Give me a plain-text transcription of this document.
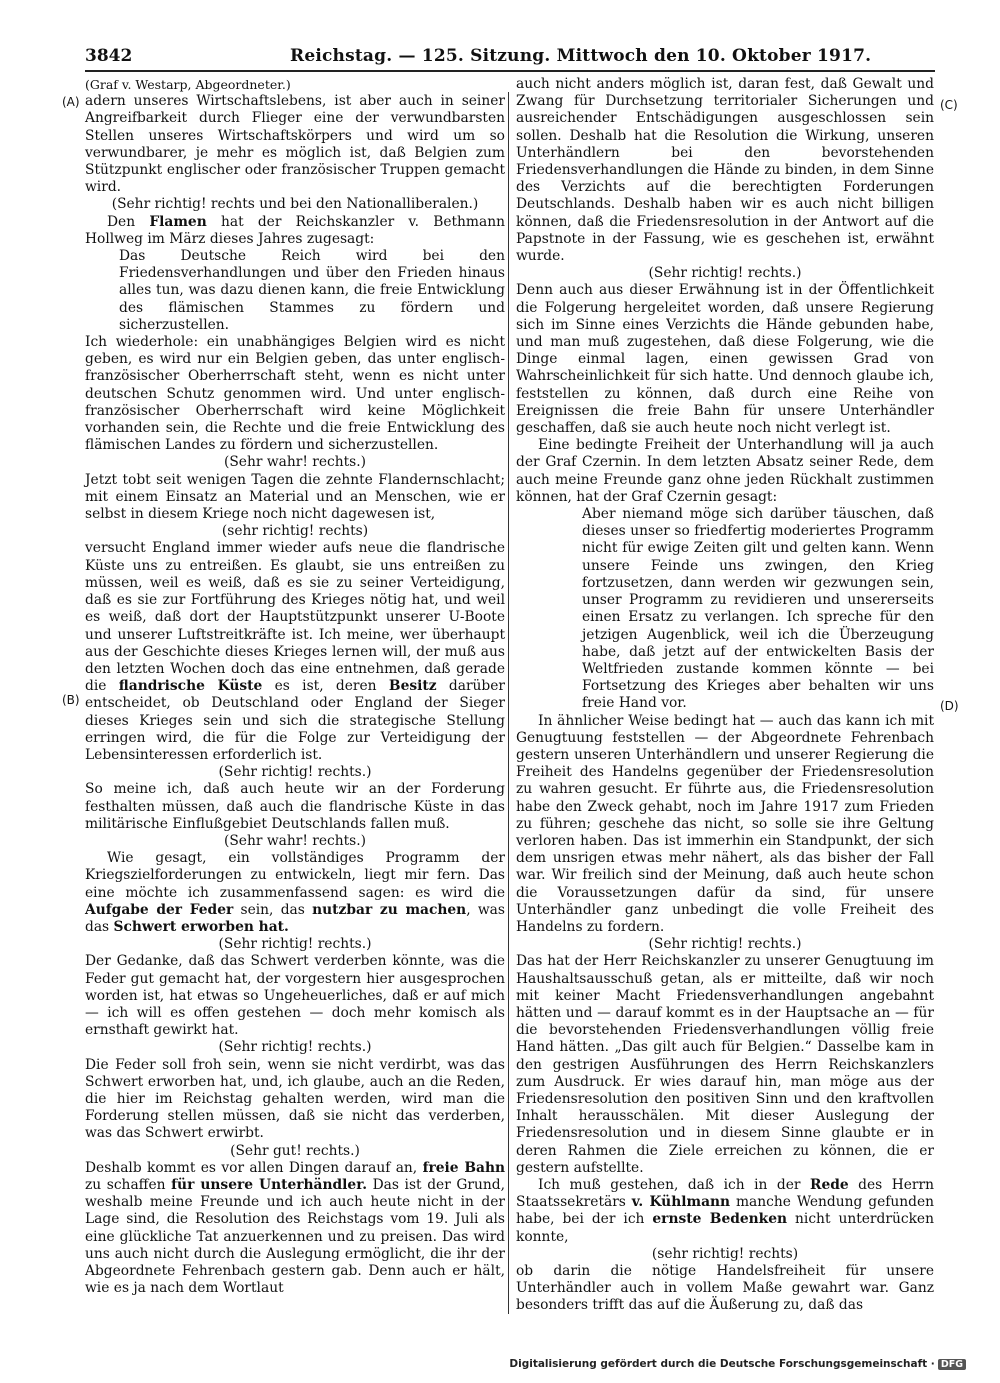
3842	Reichstag. — 125. Sitzung. Mittwoch den 10. Oktober 1917.
(A)
(B)
(C)
(D)

(Graf v. Westarp, Abgeordneter.)

adern unseres Wirtschaftslebens, ist aber auch in seiner Angreifbarkeit durch Flieger eine der verwundbarsten Stellen unseres Wirtschaftskörpers und wird um so verwundbarer, je mehr es möglich ist, daß Belgien zum Stützpunkt englischer oder französischer Truppen gemacht wird.

(Sehr richtig! rechts und bei den Nationalliberalen.)

Den Flamen hat der Reichskanzler v. Bethmann Hollweg im März dieses Jahres zugesagt:

Das Deutsche Reich wird bei den Friedensverhandlungen und über den Frieden hinaus alles tun, was dazu dienen kann, die freie Entwicklung des flämischen Stammes zu fördern und sicherzustellen.

Ich wiederhole: ein unabhängiges Belgien wird es nicht geben, es wird nur ein Belgien geben, das unter englisch-französischer Oberherrschaft steht, wenn es nicht unter deutschen Schutz genommen wird. Und unter englisch-französischer Oberherrschaft wird keine Möglichkeit vorhanden sein, die Rechte und die freie Entwicklung des flämischen Landes zu fördern und sicherzustellen.

(Sehr wahr! rechts.)

Jetzt tobt seit wenigen Tagen die zehnte Flandernschlacht; mit einem Einsatz an Material und an Menschen, wie er selbst in diesem Kriege noch nicht dagewesen ist,

(sehr richtig! rechts)

versucht England immer wieder aufs neue die flandrische Küste uns zu entreißen. Es glaubt, sie uns entreißen zu müssen, weil es weiß, daß es sie zu seiner Verteidigung, daß es sie zur Fortführung des Krieges nötig hat, und weil es weiß, daß dort der Hauptstützpunkt unserer U-Boote und unserer Luftstreitkräfte ist. Ich meine, wer überhaupt aus der Geschichte dieses Krieges lernen will, der muß aus den letzten Wochen doch das eine entnehmen, daß gerade die flandrische Küste es ist, deren Besitz darüber entscheidet, ob Deutschland oder England der Sieger dieses Krieges sein und sich die strategische Stellung erringen wird, die für die Folge zur Verteidigung der Lebensinteressen erforderlich ist.

(Sehr richtig! rechts.)

So meine ich, daß auch heute wir an der Forderung festhalten müssen, daß auch die flandrische Küste in das militärische Einflußgebiet Deutschlands fallen muß.

(Sehr wahr! rechts.)

Wie gesagt, ein vollständiges Programm der Kriegszielforderungen zu entwickeln, liegt mir fern. Das eine möchte ich zusammenfassend sagen: es wird die Aufgabe der Feder sein, das nutzbar zu machen, was das Schwert erworben hat.

(Sehr richtig! rechts.)

Der Gedanke, daß das Schwert verderben könnte, was die Feder gut gemacht hat, der vorgestern hier ausgesprochen worden ist, hat etwas so Ungeheuerliches, daß er auf mich — ich will es offen gestehen — doch mehr komisch als ernsthaft gewirkt hat.

(Sehr richtig! rechts.)

Die Feder soll froh sein, wenn sie nicht verdirbt, was das Schwert erworben hat, und, ich glaube, auch an die Reden, die hier im Reichstag gehalten werden, wird man die Forderung stellen müssen, daß sie nicht das verderben, was das Schwert erwirbt.

(Sehr gut! rechts.)

Deshalb kommt es vor allen Dingen darauf an, freie Bahn zu schaffen für unsere Unterhändler. Das ist der Grund, weshalb meine Freunde und ich auch heute nicht in der Lage sind, die Resolution des Reichstags vom 19. Juli als eine glückliche Tat anzuerkennen und zu preisen. Das wird uns auch nicht durch die Auslegung ermöglicht, die ihr der Abgeordnete Fehrenbach gestern gab. Denn auch er hält, wie es ja nach dem Wortlaut

auch nicht anders möglich ist, daran fest, daß Gewalt und Zwang für Durchsetzung territorialer Sicherungen und ausreichender Entschädigungen ausgeschlossen sein sollen. Deshalb hat die Resolution die Wirkung, unseren Unterhändlern bei den bevorstehenden Friedensverhandlungen die Hände zu binden, in dem Sinne des Verzichts auf die berechtigten Forderungen Deutschlands. Deshalb haben wir es auch nicht billigen können, daß die Friedensresolution in der Antwort auf die Papstnote in der Fassung, wie es geschehen ist, erwähnt wurde.

(Sehr richtig! rechts.)

Denn auch aus dieser Erwähnung ist in der Öffentlichkeit die Folgerung hergeleitet worden, daß unsere Regierung sich im Sinne eines Verzichts die Hände gebunden habe, und man muß zugestehen, daß diese Folgerung, wie die Dinge einmal lagen, einen gewissen Grad von Wahrscheinlichkeit für sich hatte. Und dennoch glaube ich, feststellen zu können, daß durch eine Reihe von Ereignissen die freie Bahn für unsere Unterhändler geschaffen, daß sie auch heute noch nicht verlegt ist.

Eine bedingte Freiheit der Unterhandlung will ja auch der Graf Czernin. In dem letzten Absatz seiner Rede, dem auch meine Freunde ganz ohne jeden Rückhalt zustimmen können, hat der Graf Czernin gesagt:

Aber niemand möge sich darüber täuschen, daß dieses unser so friedfertig moderiertes Programm nicht für ewige Zeiten gilt und gelten kann. Wenn unsere Feinde uns zwingen, den Krieg fortzusetzen, dann werden wir gezwungen sein, unser Programm zu revidieren und unsererseits einen Ersatz zu verlangen. Ich spreche für den jetzigen Augenblick, weil ich die Überzeugung habe, daß jetzt auf der entwickelten Basis der Weltfrieden zustande kommen könnte — bei Fortsetzung des Krieges aber behalten wir uns freie Hand vor.

In ähnlicher Weise bedingt hat — auch das kann ich mit Genugtuung feststellen — der Abgeordnete Fehrenbach gestern unseren Unterhändlern und unserer Regierung die Freiheit des Handelns gegenüber der Friedensresolution zu wahren gesucht. Er führte aus, die Friedensresolution habe den Zweck gehabt, noch im Jahre 1917 zum Frieden zu führen; geschehe das nicht, so solle sie ihre Geltung verloren haben. Das ist immerhin ein Standpunkt, der sich dem unsrigen etwas mehr nähert, als das bisher der Fall war. Wir freilich sind der Meinung, daß auch heute schon die Voraussetzungen dafür da sind, für unsere Unterhändler ganz unbedingt die volle Freiheit des Handelns zu fordern.

(Sehr richtig! rechts.)

Das hat der Herr Reichskanzler zu unserer Genugtuung im Haushaltsausschuß getan, als er mitteilte, daß wir noch mit keiner Macht Friedensverhandlungen angebahnt hätten und — darauf kommt es in der Hauptsache an — für die bevorstehenden Friedensverhandlungen völlig freie Hand hätten. „Das gilt auch für Belgien.“ Dasselbe kam in den gestrigen Ausführungen des Herrn Reichskanzlers zum Ausdruck. Er wies darauf hin, man möge aus der Friedensresolution den positiven Sinn und den kraftvollen Inhalt herausschälen. Mit dieser Auslegung der Friedensresolution und in diesem Sinne glaubte er in deren Rahmen die Ziele erreichen zu können, die er gestern aufstellte.

Ich muß gestehen, daß ich in der Rede des Herrn Staatssekretärs v. Kühlmann manche Wendung gefunden habe, bei der ich ernste Bedenken nicht unterdrücken konnte,

(sehr richtig! rechts)

ob darin die nötige Handelsfreiheit für unsere Unterhändler auch in vollem Maße gewahrt war. Ganz besonders trifft das auf die Äußerung zu, daß das

Digitalisierung gefördert durch die Deutsche Forschungsgemeinschaft · DFG
